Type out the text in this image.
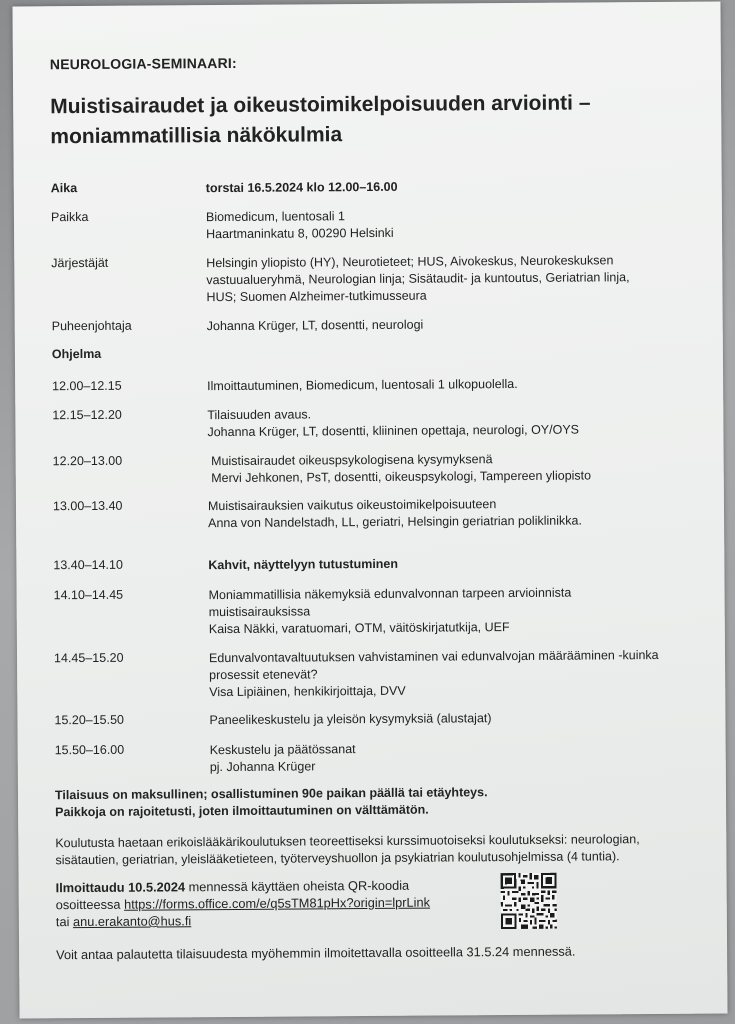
NEUROLOGIA-SEMINAARI:
Muistisairaudet ja oikeustoimikelpoisuuden arviointi – moniammatillisia näkökulmia
Aika	torstai 16.5.2024 klo 12.00–16.00
Paikka	Biomedicum, luentosali 1
Haartmaninkatu 8, 00290 Helsinki
Järjestäjät	Helsingin yliopisto (HY), Neurotieteet; HUS, Aivokeskus, Neurokeskuksen
vastuualueryhmä, Neurologian linja; Sisätaudit- ja kuntoutus, Geriatrian linja,
HUS; Suomen Alzheimer-tutkimusseura
Puheenjohtaja	Johanna Krüger, LT, dosentti, neurologi
Ohjelma
12.00–12.15	Ilmoittautuminen, Biomedicum, luentosali 1 ulkopuolella.
12.15–12.20	Tilaisuuden avaus.
Johanna Krüger, LT, dosentti, kliininen opettaja, neurologi, OY/OYS
12.20–13.00	Muistisairaudet oikeuspsykologisena kysymyksenä
Mervi Jehkonen, PsT, dosentti, oikeuspsykologi, Tampereen yliopisto
13.00–13.40	Muistisairauksien vaikutus oikeustoimikelpoisuuteen
Anna von Nandelstadh, LL, geriatri, Helsingin geriatrian poliklinikka.
13.40–14.10	Kahvit, näyttelyyn tutustuminen
14.10–14.45	Moniammatillisia näkemyksiä edunvalvonnan tarpeen arvioinnista
muistisairauksissa
Kaisa Näkki, varatuomari, OTM, väitöskirjatutkija, UEF
14.45–15.20	Edunvalvontavaltuutuksen vahvistaminen vai edunvalvojan määrääminen -kuinka
prosessit etenevät?
Visa Lipiäinen, henkikirjoittaja, DVV
15.20–15.50	Paneelikeskustelu ja yleisön kysymyksiä (alustajat)
15.50–16.00	Keskustelu ja päätössanat
pj. Johanna Krüger
Tilaisuus on maksullinen; osallistuminen 90e paikan päällä tai etäyhteys.
Paikkoja on rajoitetusti, joten ilmoittautuminen on välttämätön.
Koulutusta haetaan erikoislääkärikoulutuksen teoreettiseksi kurssimuotoiseksi koulutukseksi: neurologian,
sisätautien, geriatrian, yleislääketieteen, työterveyshuollon ja psykiatrian koulutusohjelmissa (4 tuntia).
Ilmoittaudu 10.5.2024 mennessä käyttäen oheista QR-koodia
osoitteessa https://forms.office.com/e/q5sTM81pHx?origin=lprLink
tai anu.erakanto@hus.fi
Voit antaa palautetta tilaisuudesta myöhemmin ilmoitettavalla osoitteella 31.5.24 mennessä.
